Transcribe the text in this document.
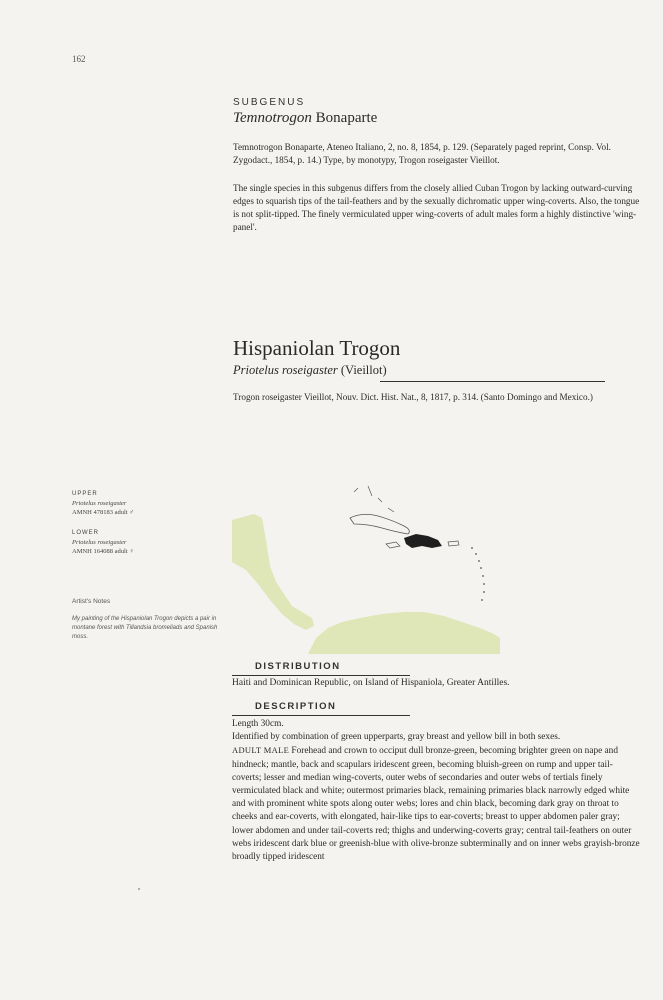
162
SUBGENUS
Temnotrogon Bonaparte
Temnotrogon Bonaparte, Ateneo Italiano, 2, no. 8, 1854, p. 129. (Separately paged reprint, Consp. Vol. Zygodact., 1854, p. 14.) Type, by monotypy, Trogon roseigaster Vieillot.
The single species in this subgenus differs from the closely allied Cuban Trogon by lacking outward-curving edges to squarish tips of the tail-feathers and by the sexually dichromatic upper wing-coverts. Also, the tongue is not split-tipped. The finely vermiculated upper wing-coverts of adult males form a highly distinctive 'wing-panel'.
Hispaniolan Trogon
Priotelus roseigaster (Vieillot)
Trogon roseigaster Vieillot, Nouv. Dict. Hist. Nat., 8, 1817, p. 314. (Santo Domingo and Mexico.)
UPPER
Priotelus roseigaster
AMNH 478183 adult ♂
LOWER
Priotelus roseigaster
AMNH 164088 adult ♀
Artist's Notes
My painting of the Hispaniolan Trogon depicts a pair in montane forest with Tillandsia bromeliads and Spanish moss.
DISTRIBUTION
Haiti and Dominican Republic, on Island of Hispaniola, Greater Antilles.
DESCRIPTION

Length 30cm.

Identified by combination of green upperparts, gray breast and yellow bill in both sexes.

ADULT MALE Forehead and crown to occiput dull bronze-green, becoming brighter green on nape and hindneck; mantle, back and scapulars iridescent green, becoming bluish-green on rump and upper tail-coverts; lesser and median wing-coverts, outer webs of secondaries and outer webs of tertials finely vermiculated black and white; outermost primaries black, remaining primaries black narrowly edged white and with prominent white spots along outer webs; lores and chin black, becoming dark gray on throat to cheeks and ear-coverts, with elongated, hair-like tips to ear-coverts; breast to upper abdomen paler gray; lower abdomen and under tail-coverts red; thighs and underwing-coverts gray; central tail-feathers on outer webs iridescent dark blue or greenish-blue with olive-bronze subterminally and on inner webs grayish-bronze broadly tipped iridescent
